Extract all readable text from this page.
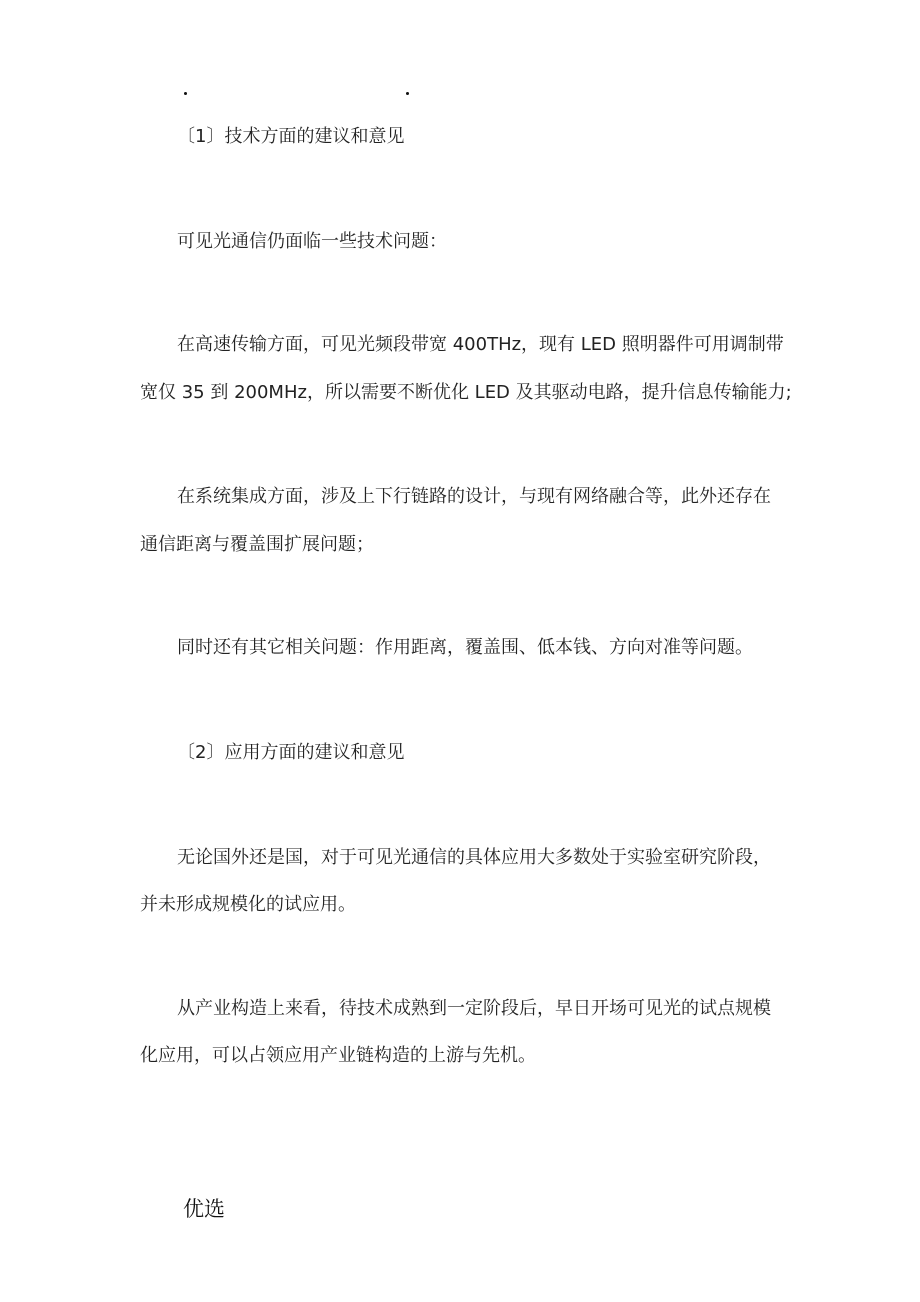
〔1〕技术方面的建议和意见
可见光通信仍面临一些技术问题：
在高速传输方面，可见光频段带宽 400THz，现有 LED 照明器件可用调制带
宽仅 35 到 200MHz，所以需要不断优化 LED 及其驱动电路，提升信息传输能力;
在系统集成方面，涉及上下行链路的设计，与现有网络融合等，此外还存在
通信距离与覆盖围扩展问题；
同时还有其它相关问题：作用距离，覆盖围、低本钱、方向对准等问题。
〔2〕应用方面的建议和意见
无论国外还是国，对于可见光通信的具体应用大多数处于实验室研究阶段，
并未形成规模化的试应用。
从产业构造上来看，待技术成熟到一定阶段后，早日开场可见光的试点规模
化应用，可以占领应用产业链构造的上游与先机。
优选
